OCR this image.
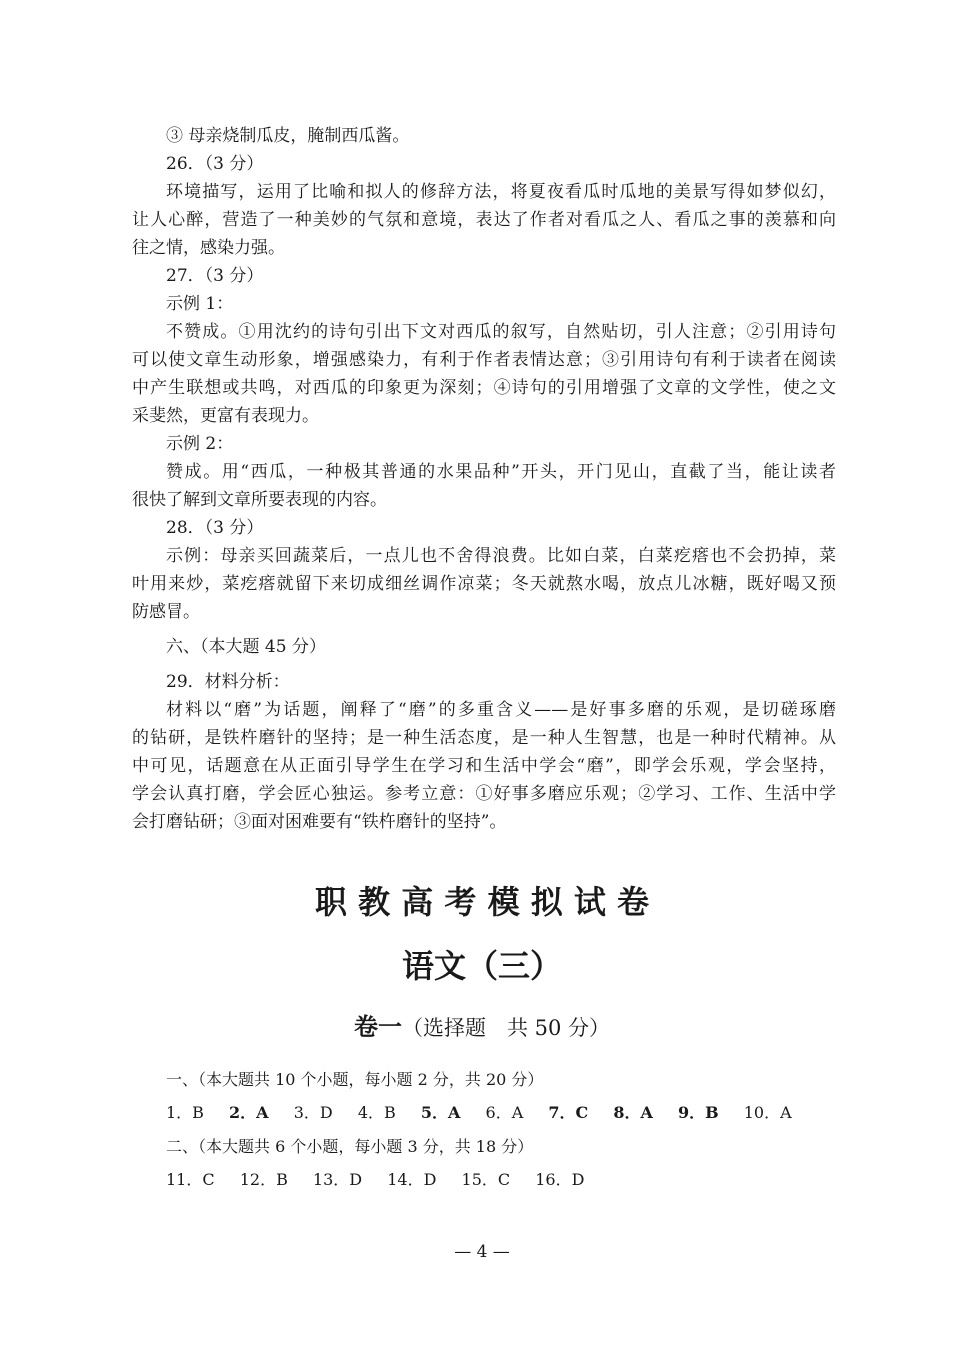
③ 母亲烧制瓜皮，腌制西瓜酱。
26．（3 分）
环境描写，运用了比喻和拟人的修辞方法，将夏夜看瓜时瓜地的美景写得如梦似幻，
让人心醉，营造了一种美妙的气氛和意境，表达了作者对看瓜之人、看瓜之事的羡慕和向
往之情，感染力强。
27．（3 分）
示例 1：
不赞成。①用沈约的诗句引出下文对西瓜的叙写，自然贴切，引人注意；②引用诗句
可以使文章生动形象，增强感染力，有利于作者表情达意；③引用诗句有利于读者在阅读
中产生联想或共鸣，对西瓜的印象更为深刻；④诗句的引用增强了文章的文学性，使之文
采斐然，更富有表现力。
示例 2：
赞成。用“西瓜，一种极其普通的水果品种”开头，开门见山，直截了当，能让读者
很快了解到文章所要表现的内容。
28．（3 分）
示例：母亲买回蔬菜后，一点儿也不舍得浪费。比如白菜，白菜疙瘩也不会扔掉，菜
叶用来炒，菜疙瘩就留下来切成细丝调作凉菜；冬天就熬水喝，放点儿冰糖，既好喝又预
防感冒。
六、（本大题 45 分）
29．材料分析：
材料以“磨”为话题，阐释了“磨”的多重含义——是好事多磨的乐观，是切磋琢磨
的钻研，是铁杵磨针的坚持；是一种生活态度，是一种人生智慧，也是一种时代精神。从
中可见，话题意在从正面引导学生在学习和生活中学会“磨”，即学会乐观，学会坚持，
学会认真打磨，学会匠心独运。参考立意：①好事多磨应乐观；②学习、工作、生活中学
会打磨钻研；③面对困难要有“铁杵磨针的坚持”。
职 教 高 考 模 拟 试 卷
语文（三）
卷一（选择题　共 50 分）
一、（本大题共 10 个小题，每小题 2 分，共 20 分）
1．B 2．A 3．D 4．B 5．A 6．A 7．C 8．A 9．B 10．A
二、（本大题共 6 个小题，每小题 3 分，共 18 分）
11．C 12．B 13．D 14．D 15．C 16．D
— 4 —
